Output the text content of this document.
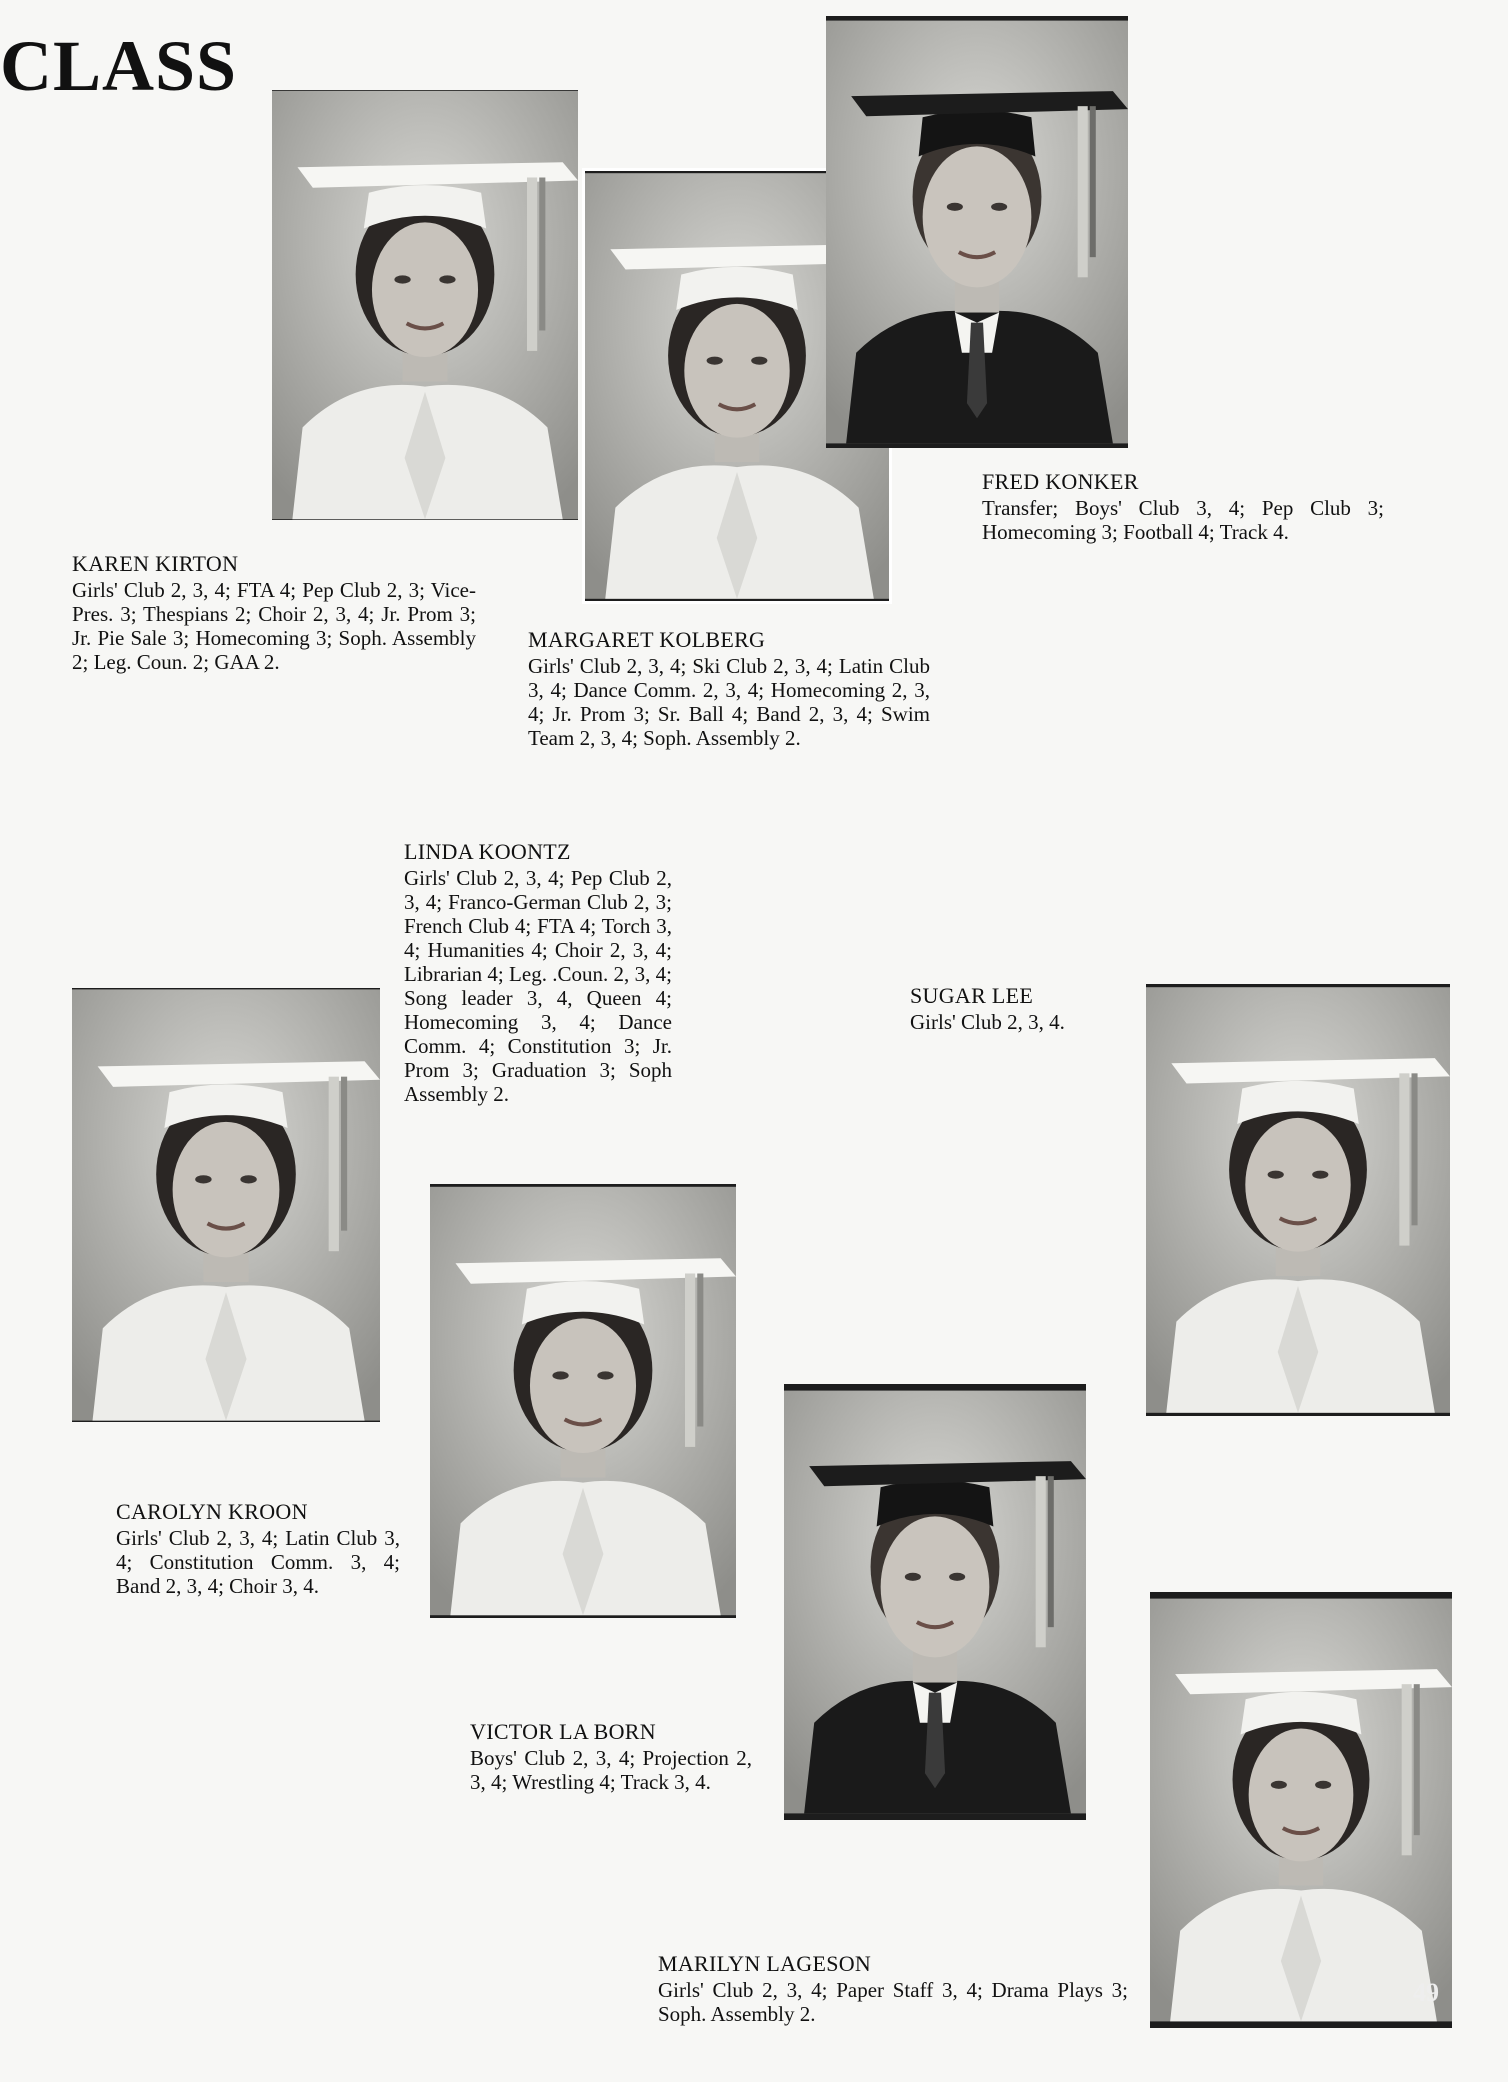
CLASS
KAREN KIRTON
Girls' Club 2, 3, 4; FTA 4; Pep Club 2, 3; Vice-Pres. 3; Thespians 2; Choir 2, 3, 4; Jr. Prom 3; Jr. Pie Sale 3; Homecoming 3; Soph. Assembly 2; Leg. Coun. 2; GAA 2.
MARGARET KOLBERG
Girls' Club 2, 3, 4; Ski Club 2, 3, 4; Latin Club 3, 4; Dance Comm. 2, 3, 4; Homecoming 2, 3, 4; Jr. Prom 3; Sr. Ball 4; Band 2, 3, 4; Swim Team 2, 3, 4; Soph. Assembly 2.
FRED KONKER
Transfer; Boys' Club 3, 4; Pep Club 3; Homecoming 3; Football 4; Track 4.
LINDA KOONTZ
Girls' Club 2, 3, 4; Pep Club 2, 3, 4; Franco-German Club 2, 3; French Club 4; FTA 4; Torch 3, 4; Humanities 4; Choir 2, 3, 4; Librarian 4; Leg. .Coun. 2, 3, 4; Song leader 3, 4, Queen 4; Homecoming 3, 4; Dance Comm. 4; Constitution 3; Jr. Prom 3; Graduation 3; Soph Assembly 2.
SUGAR LEE
Girls' Club 2, 3, 4.
CAROLYN KROON
Girls' Club 2, 3, 4; Latin Club 3, 4; Constitution Comm. 3, 4; Band 2, 3, 4; Choir 3, 4.
VICTOR LA BORN
Boys' Club 2, 3, 4; Projection 2, 3, 4; Wrestling 4; Track 3, 4.
MARILYN LAGESON
Girls' Club 2, 3, 4; Paper Staff 3, 4; Drama Plays 3; Soph. Assembly 2.
49
